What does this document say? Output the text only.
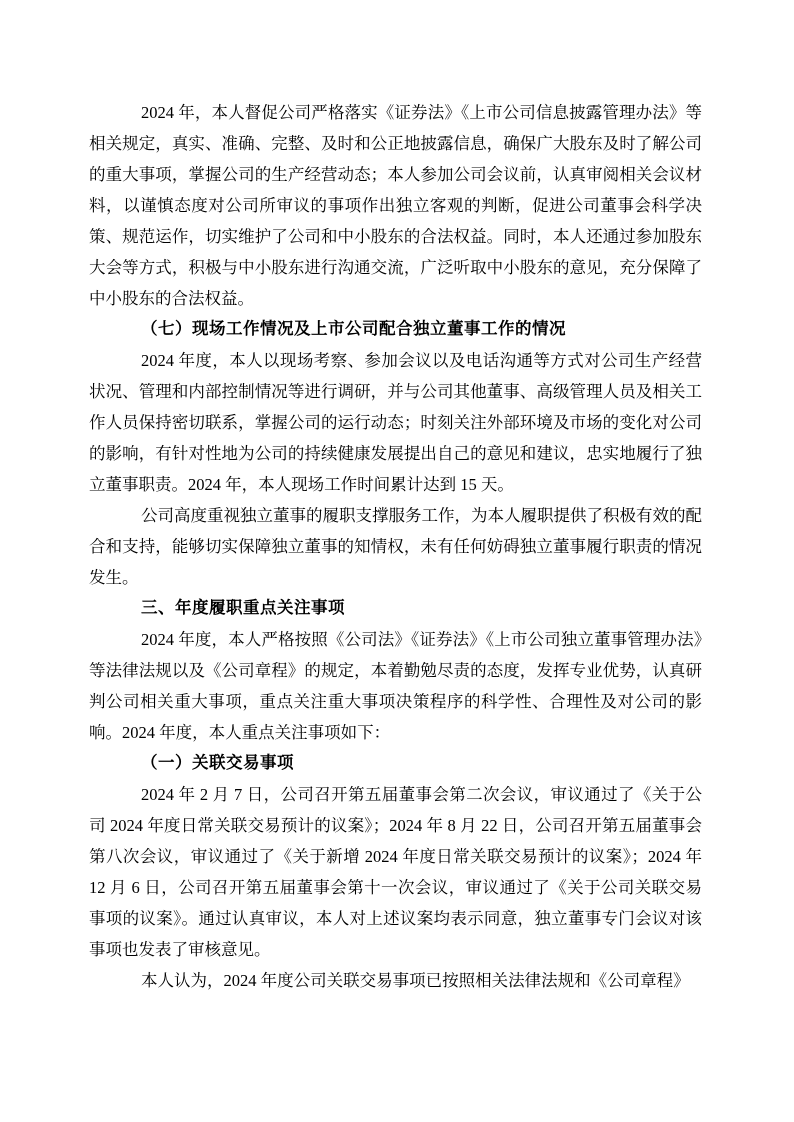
2024 年，本人督促公司严格落实《证券法》《上市公司信息披露管理办法》等相关规定，真实、准确、完整、及时和公正地披露信息，确保广大股东及时了解公司的重大事项，掌握公司的生产经营动态；本人参加公司会议前，认真审阅相关会议材料，以谨慎态度对公司所审议的事项作出独立客观的判断，促进公司董事会科学决策、规范运作，切实维护了公司和中小股东的合法权益。同时，本人还通过参加股东大会等方式，积极与中小股东进行沟通交流，广泛听取中小股东的意见，充分保障了中小股东的合法权益。

（七）现场工作情况及上市公司配合独立董事工作的情况

2024 年度，本人以现场考察、参加会议以及电话沟通等方式对公司生产经营状况、管理和内部控制情况等进行调研，并与公司其他董事、高级管理人员及相关工作人员保持密切联系，掌握公司的运行动态；时刻关注外部环境及市场的变化对公司的影响，有针对性地为公司的持续健康发展提出自己的意见和建议，忠实地履行了独立董事职责。2024 年，本人现场工作时间累计达到 15 天。

公司高度重视独立董事的履职支撑服务工作，为本人履职提供了积极有效的配合和支持，能够切实保障独立董事的知情权，未有任何妨碍独立董事履行职责的情况发生。

三、年度履职重点关注事项

2024 年度，本人严格按照《公司法》《证券法》《上市公司独立董事管理办法》等法律法规以及《公司章程》的规定，本着勤勉尽责的态度，发挥专业优势，认真研判公司相关重大事项，重点关注重大事项决策程序的科学性、合理性及对公司的影响。2024 年度，本人重点关注事项如下：

（一）关联交易事项

2024 年 2 月 7 日，公司召开第五届董事会第二次会议，审议通过了《关于公司 2024 年度日常关联交易预计的议案》；2024 年 8 月 22 日，公司召开第五届董事会第八次会议，审议通过了《关于新增 2024 年度日常关联交易预计的议案》；2024 年 12 月 6 日，公司召开第五届董事会第十一次会议，审议通过了《关于公司关联交易事项的议案》。通过认真审议，本人对上述议案均表示同意，独立董事专门会议对该事项也发表了审核意见。

本人认为，2024 年度公司关联交易事项已按照相关法律法规和《公司章程》
